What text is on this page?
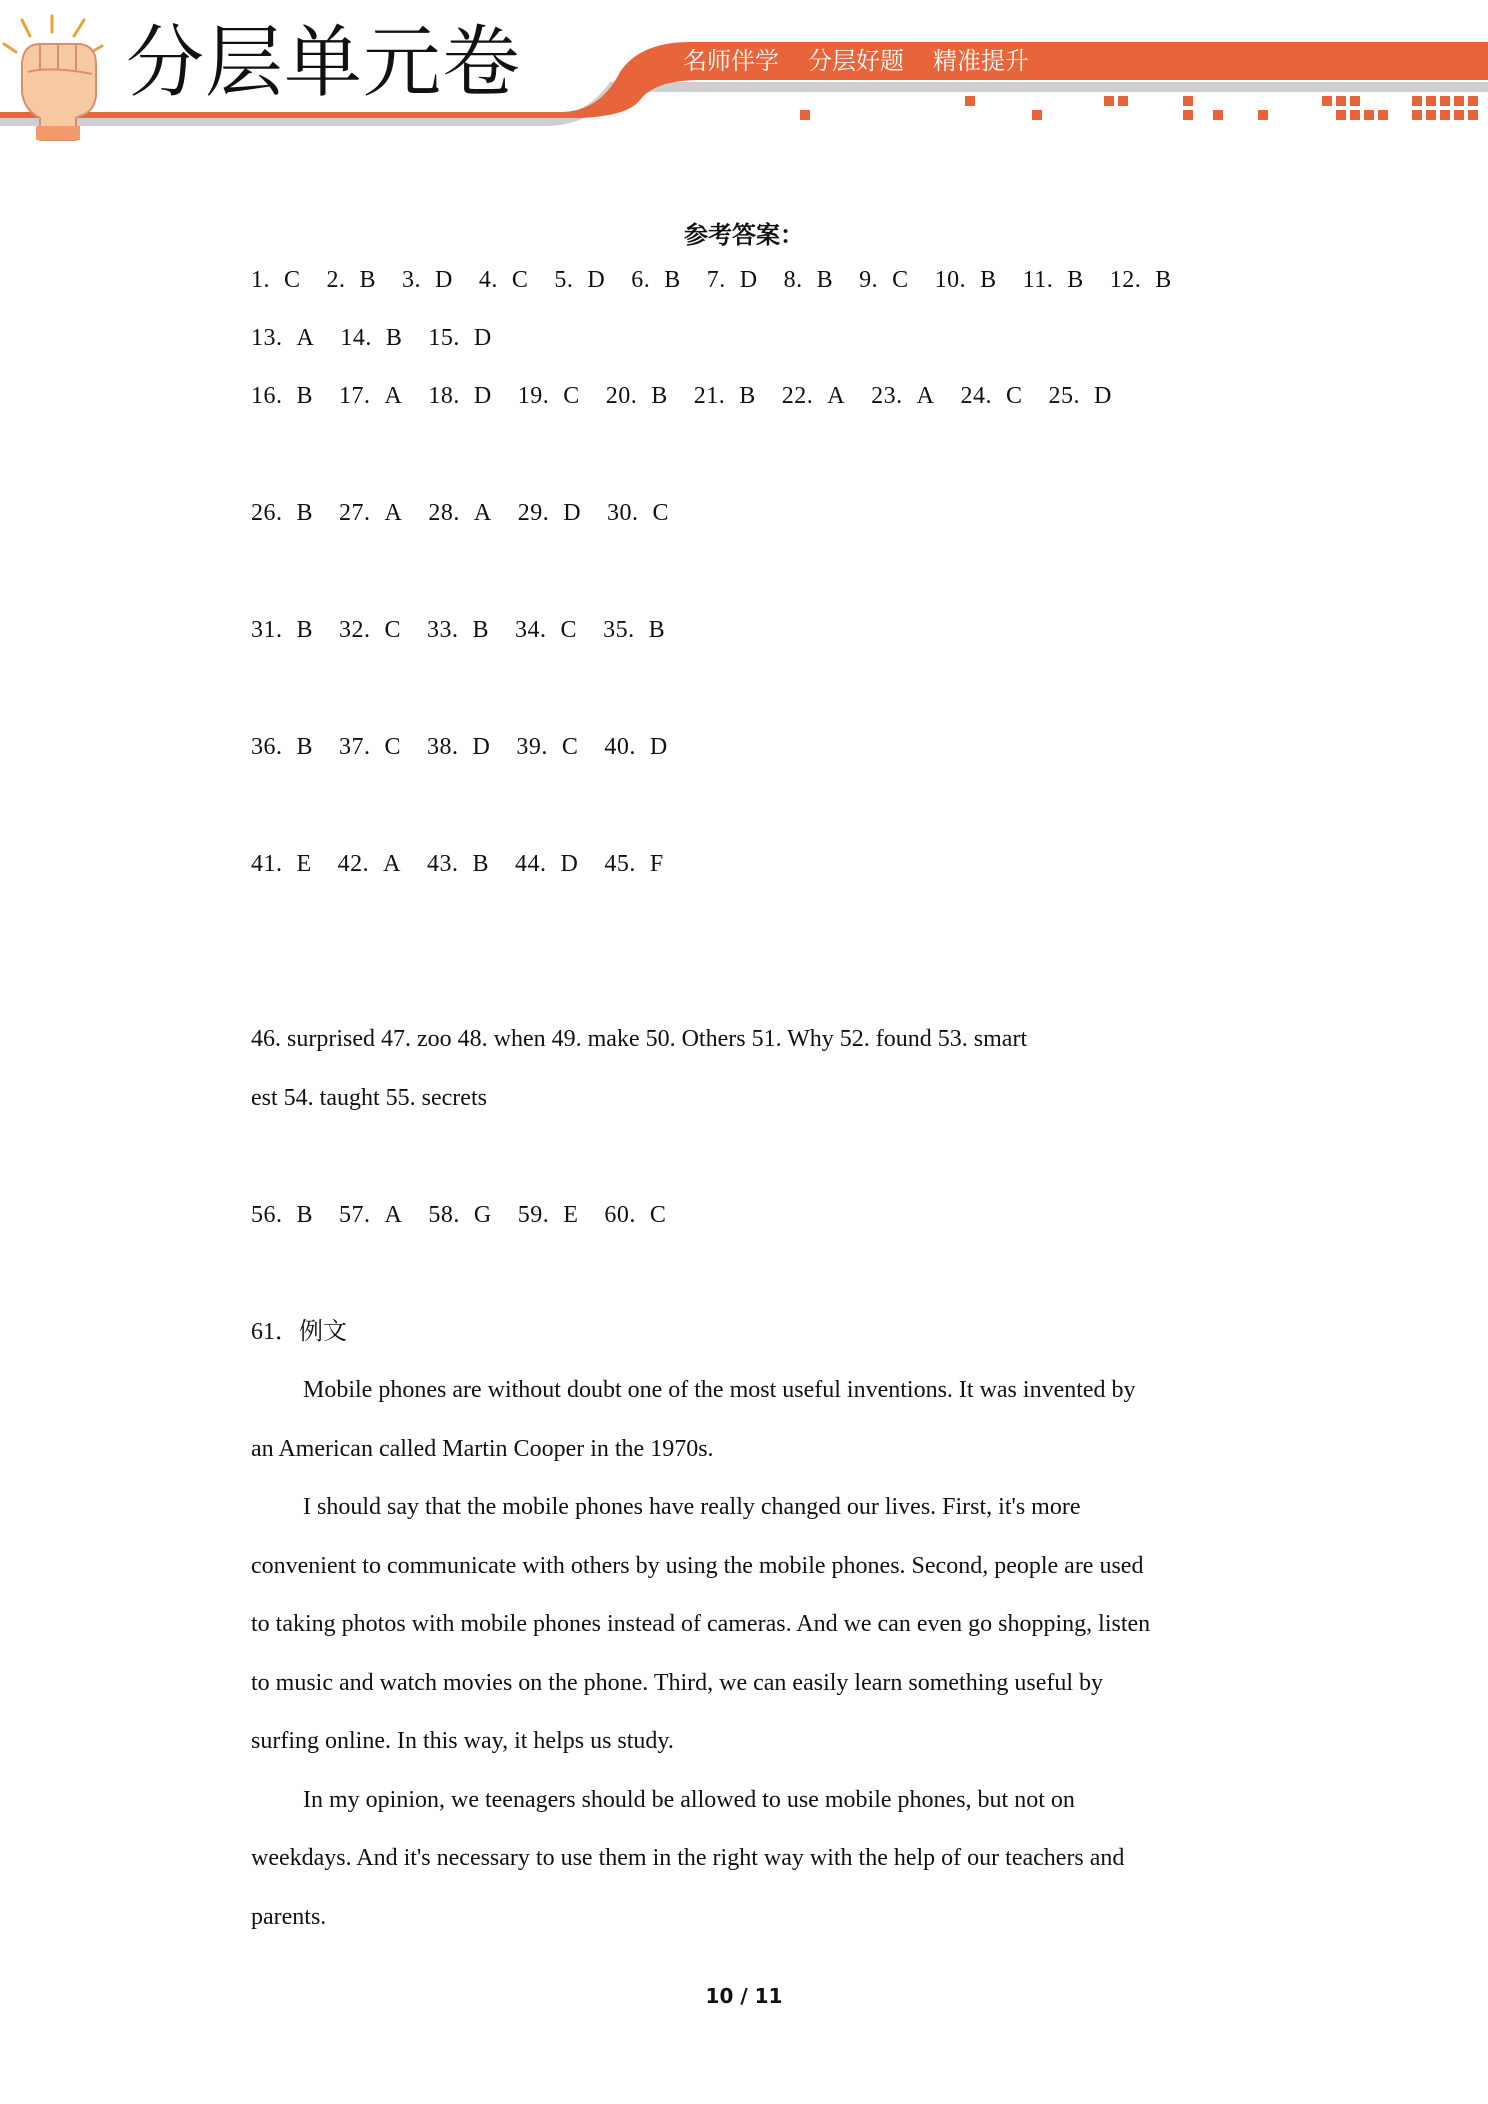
分层单元卷	名师伴学 分层好题 精准提升
参考答案：
1. C 2. B 3. D 4. C 5. D 6. B 7. D 8. B 9. C 10. B 11. B 12. B
13. A 14. B 15. D
16. B 17. A 18. D 19. C 20. B 21. B 22. A 23. A 24. C 25. D
26. B 27. A 28. A 29. D 30. C
31. B 32. C 33. B 34. C 35. B
36. B 37. C 38. D 39. C 40. D
41. E 42. A 43. B 44. D 45. F
46. surprised 47. zoo 48. when 49. make 50. Others 51. Why 52. found 53. smart
est 54. taught 55. secrets
56. B 57. A 58. G 59. E 60. C
61．例文
Mobile phones are without doubt one of the most useful inventions. It was invented by
an American called Martin Cooper in the 1970s.
I should say that the mobile phones have really changed our lives. First, it's more
convenient to communicate with others by using the mobile phones. Second, people are used
to taking photos with mobile phones instead of cameras. And we can even go shopping, listen
to music and watch movies on the phone. Third, we can easily learn something useful by
surfing online. In this way, it helps us study.
In my opinion, we teenagers should be allowed to use mobile phones, but not on
weekdays. And it's necessary to use them in the right way with the help of our teachers and
parents.
10 / 11
